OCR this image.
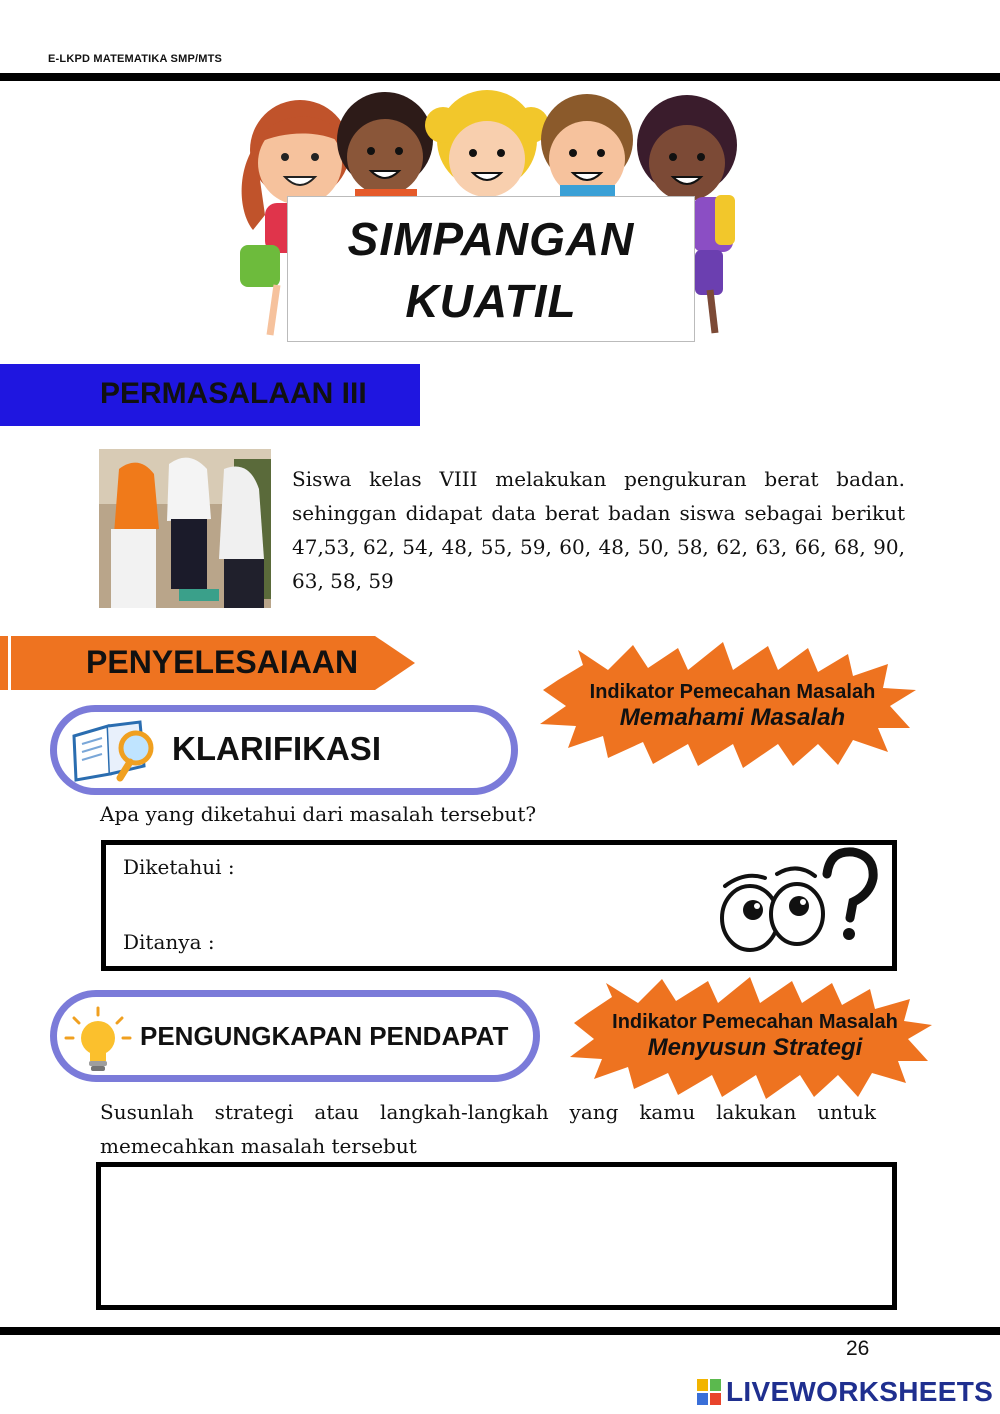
E-LKPD MATEMATIKA SMP/MTS
SIMPANGAN
KUATIL
PERMASALAAN III
Siswa kelas VIII melakukan pengukuran berat badan. sehinggan didapat data berat badan siswa sebagai berikut 47,53, 62, 54, 48, 55, 59, 60, 48, 50, 58, 62, 63, 66, 68, 90, 63, 58, 59
PENYELESAIAAN
Indikator Pemecahan Masalah
Memahami Masalah
KLARIFIKASI
Apa yang diketahui dari masalah tersebut?
Diketahui :
Ditanya :
Indikator Pemecahan Masalah
Menyusun Strategi
PENGUNGKAPAN PENDAPAT
Susunlah strategi atau langkah-langkah yang kamu lakukan untuk memecahkan masalah tersebut
26
LIVEWORKSHEETS
